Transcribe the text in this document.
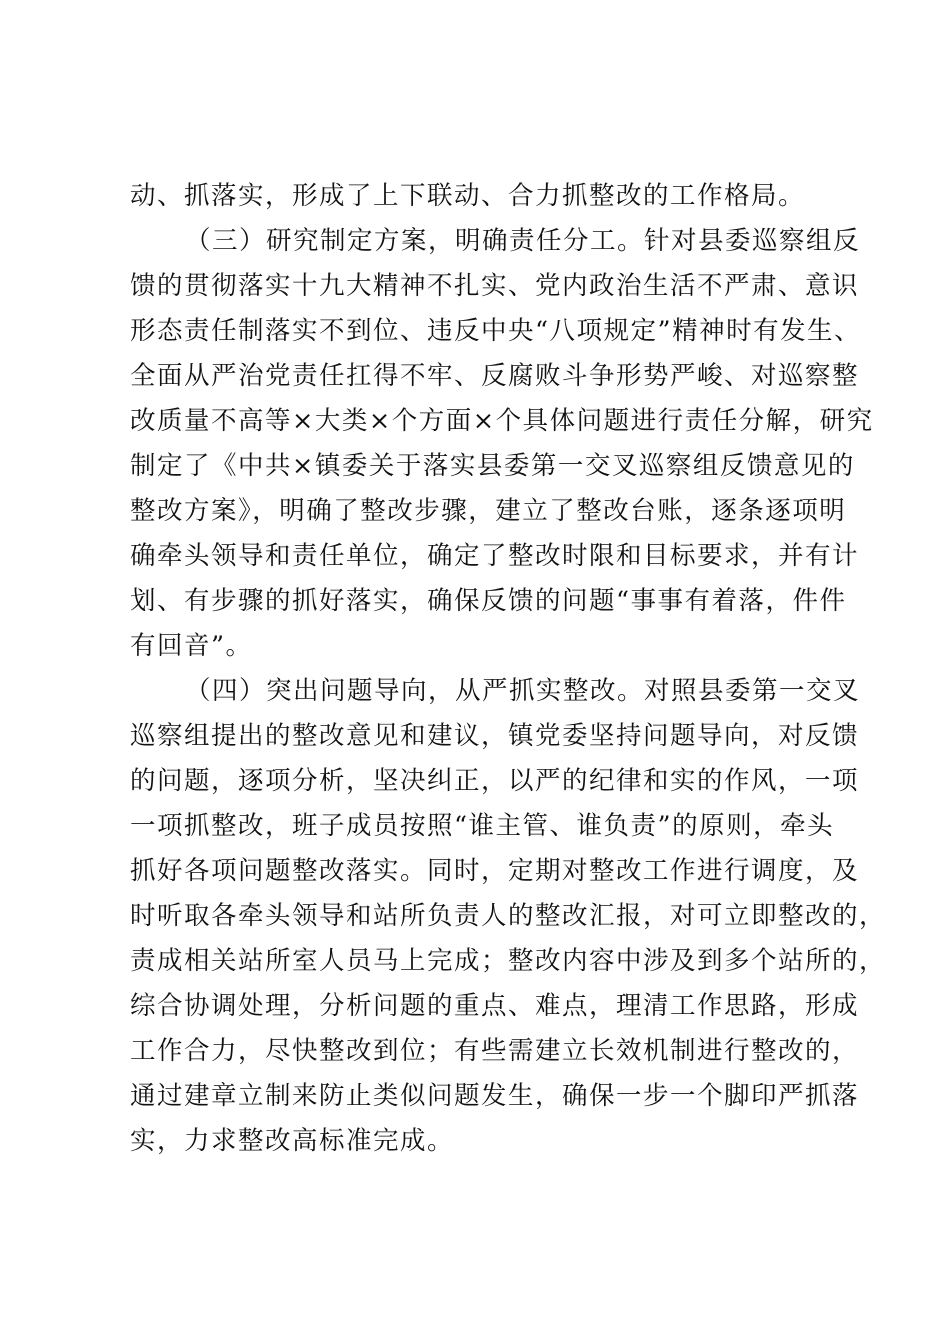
动、抓落实，形成了上下联动、合力抓整改的工作格局。
（三）研究制定方案，明确责任分工。针对县委巡察组反
馈的贯彻落实十九大精神不扎实、党内政治生活不严肃、意识
形态责任制落实不到位、违反中央“八项规定”精神时有发生、
全面从严治党责任扛得不牢、反腐败斗争形势严峻、对巡察整
改质量不高等×大类×个方面×个具体问题进行责任分解，研究
制定了《中共×镇委关于落实县委第一交叉巡察组反馈意见的
整改方案》，明确了整改步骤，建立了整改台账，逐条逐项明
确牵头领导和责任单位，确定了整改时限和目标要求，并有计
划、有步骤的抓好落实，确保反馈的问题“事事有着落，件件
有回音”。
（四）突出问题导向，从严抓实整改。对照县委第一交叉
巡察组提出的整改意见和建议，镇党委坚持问题导向，对反馈
的问题，逐项分析，坚决纠正，以严的纪律和实的作风，一项
一项抓整改，班子成员按照“谁主管、谁负责”的原则，牵头
抓好各项问题整改落实。同时，定期对整改工作进行调度，及
时听取各牵头领导和站所负责人的整改汇报，对可立即整改的，
责成相关站所室人员马上完成；整改内容中涉及到多个站所的，
综合协调处理，分析问题的重点、难点，理清工作思路，形成
工作合力，尽快整改到位；有些需建立长效机制进行整改的，
通过建章立制来防止类似问题发生，确保一步一个脚印严抓落
实，力求整改高标准完成。
